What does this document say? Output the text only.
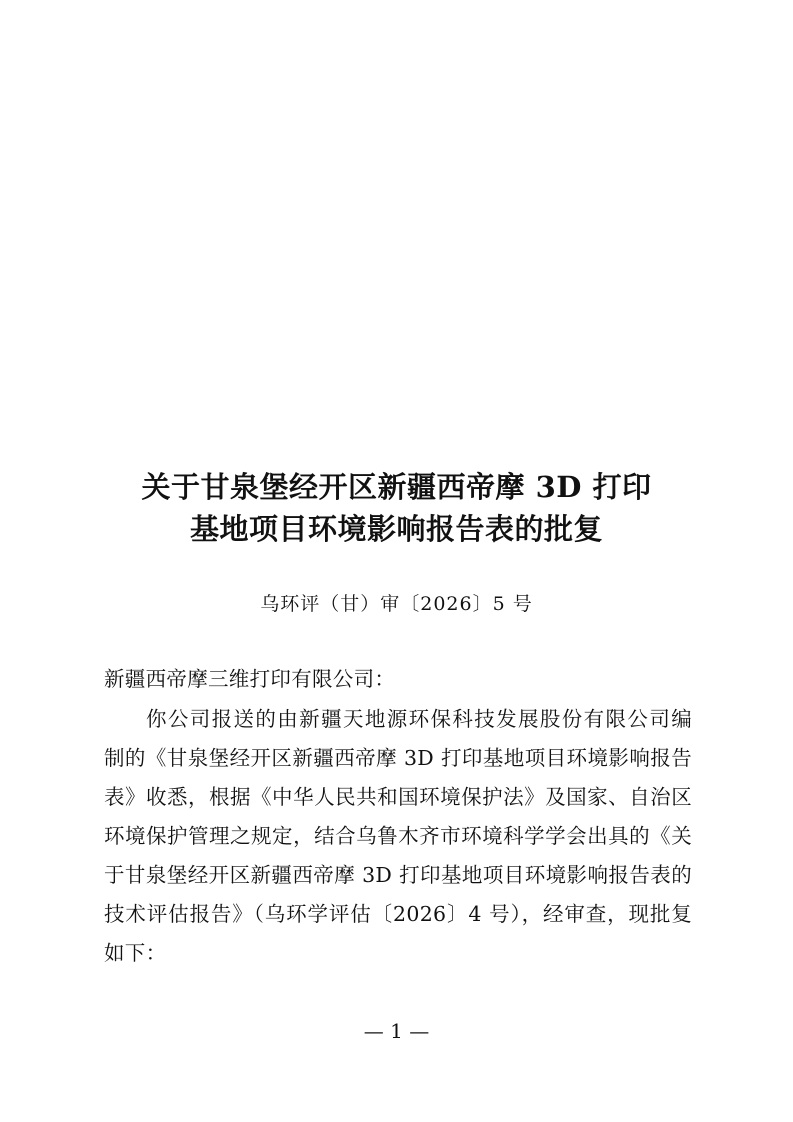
关于甘泉堡经开区新疆西帝摩 3D 打印
基地项目环境影响报告表的批复
乌环评（甘）审〔2026〕5 号
新疆西帝摩三维打印有限公司：
你公司报送的由新疆天地源环保科技发展股份有限公司编
制的《甘泉堡经开区新疆西帝摩 3D 打印基地项目环境影响报告
表》收悉，根据《中华人民共和国环境保护法》及国家、自治区
环境保护管理之规定，结合乌鲁木齐市环境科学学会出具的《关
于甘泉堡经开区新疆西帝摩 3D 打印基地项目环境影响报告表的
技术评估报告》（乌环学评估〔2026〕4 号），经审查，现批复
如下：
— 1 —
